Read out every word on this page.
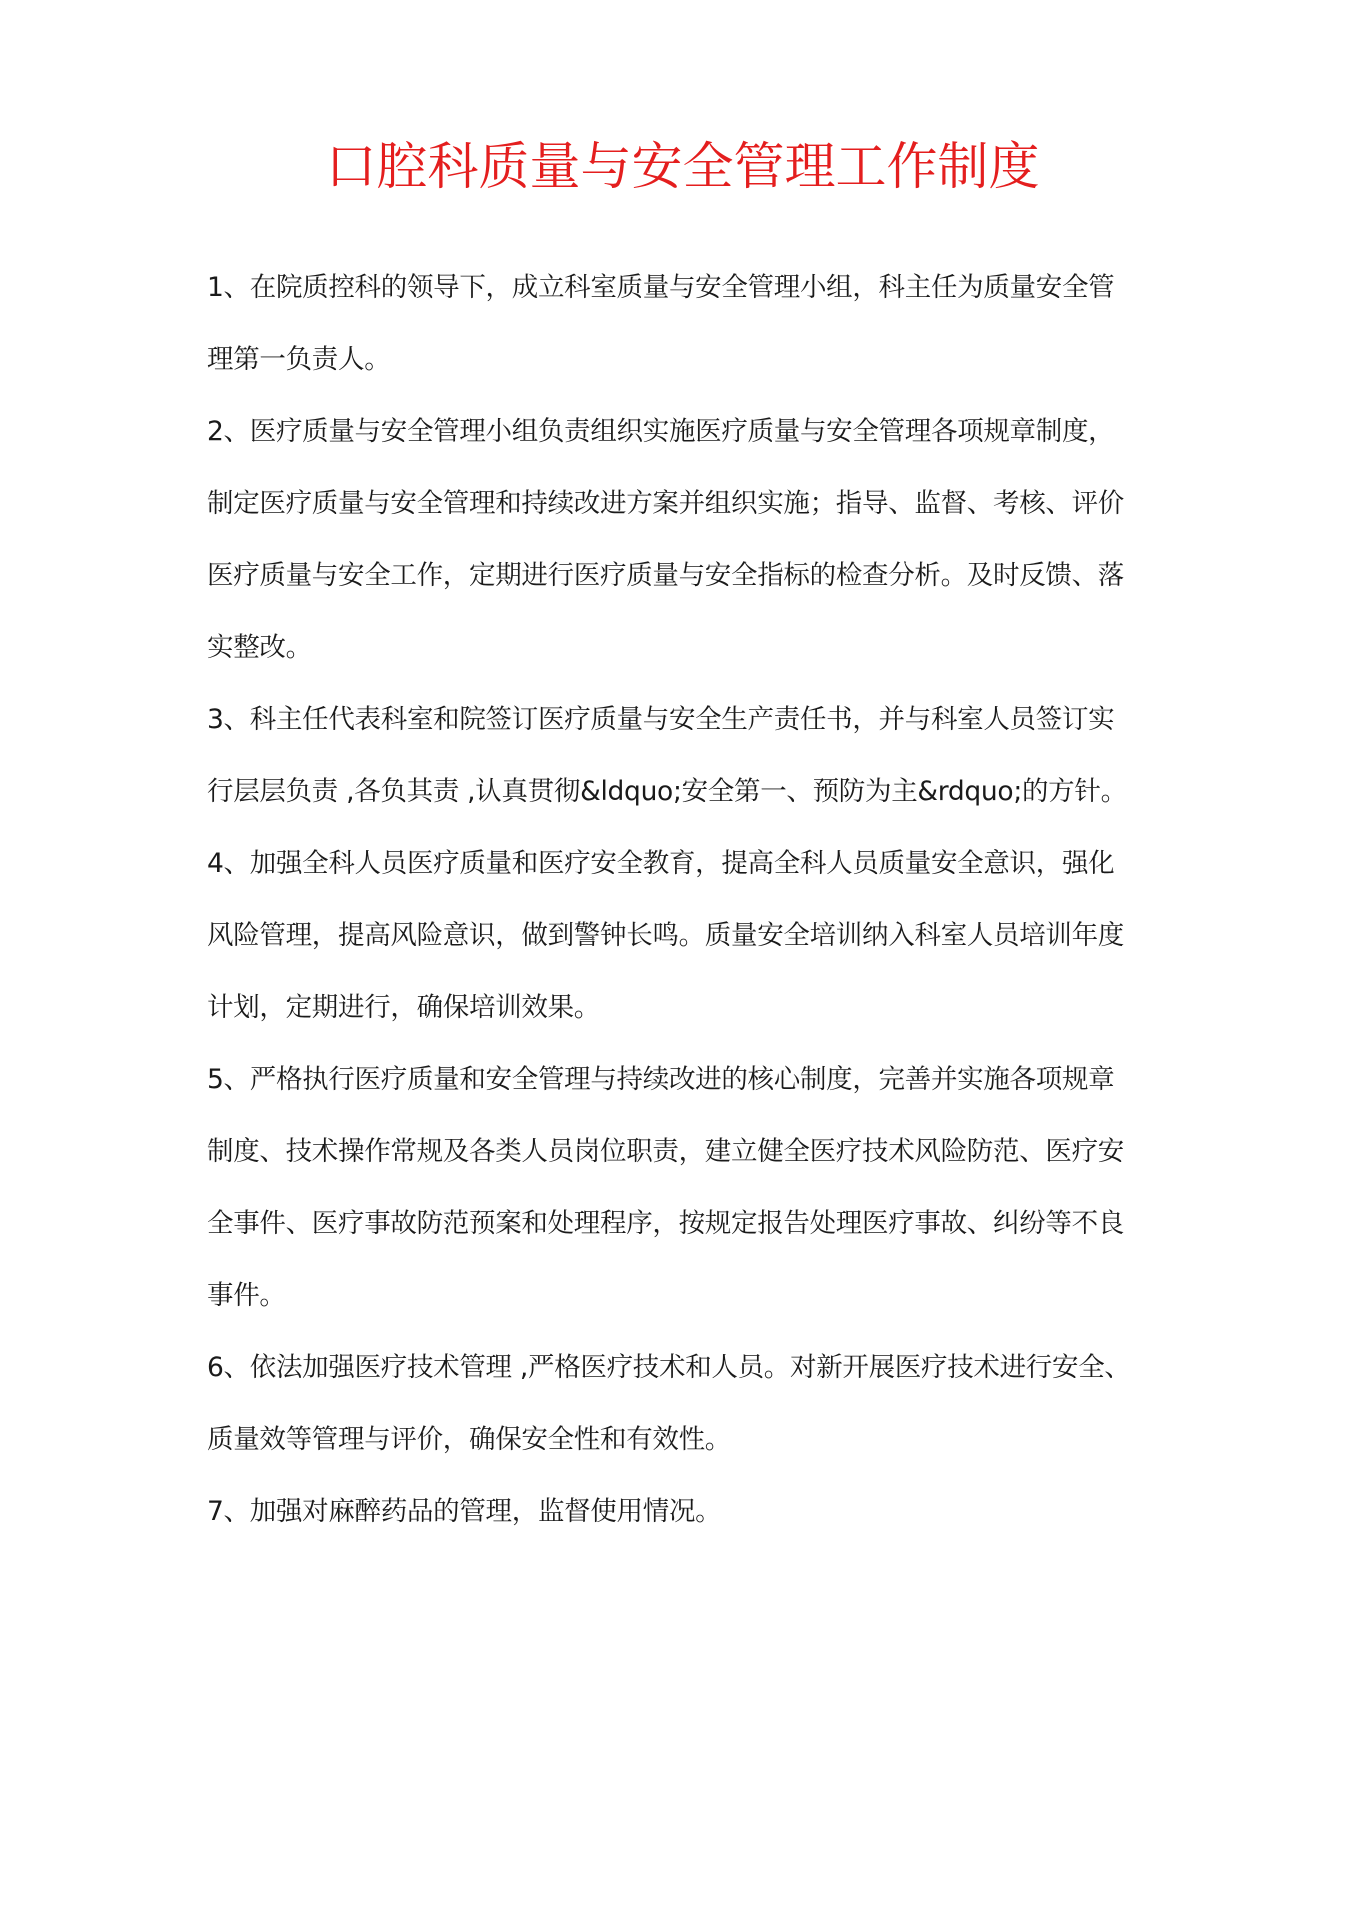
口腔科质量与安全管理工作制度

1、在院质控科的领导下，成立科室质量与安全管理小组，科主任为质量安全管
理第一负责人。

2、医疗质量与安全管理小组负责组织实施医疗质量与安全管理各项规章制度，
制定医疗质量与安全管理和持续改进方案并组织实施；指导、监督、考核、评价
医疗质量与安全工作，定期进行医疗质量与安全指标的检查分析。及时反馈、落
实整改。

3、科主任代表科室和院签订医疗质量与安全生产责任书，并与科室人员签订实
行层层负责 ,各负其责 ,认真贯彻&ldquo;安全第一、预防为主&rdquo;的方针。

4、加强全科人员医疗质量和医疗安全教育，提高全科人员质量安全意识，强化
风险管理，提高风险意识，做到警钟长鸣。质量安全培训纳入科室人员培训年度
计划，定期进行，确保培训效果。

5、严格执行医疗质量和安全管理与持续改进的核心制度，完善并实施各项规章
制度、技术操作常规及各类人员岗位职责，建立健全医疗技术风险防范、医疗安
全事件、医疗事故防范预案和处理程序，按规定报告处理医疗事故、纠纷等不良
事件。

6、依法加强医疗技术管理 ,严格医疗技术和人员。对新开展医疗技术进行安全、
质量效等管理与评价，确保安全性和有效性。

7、加强对麻醉药品的管理，监督使用情况。
